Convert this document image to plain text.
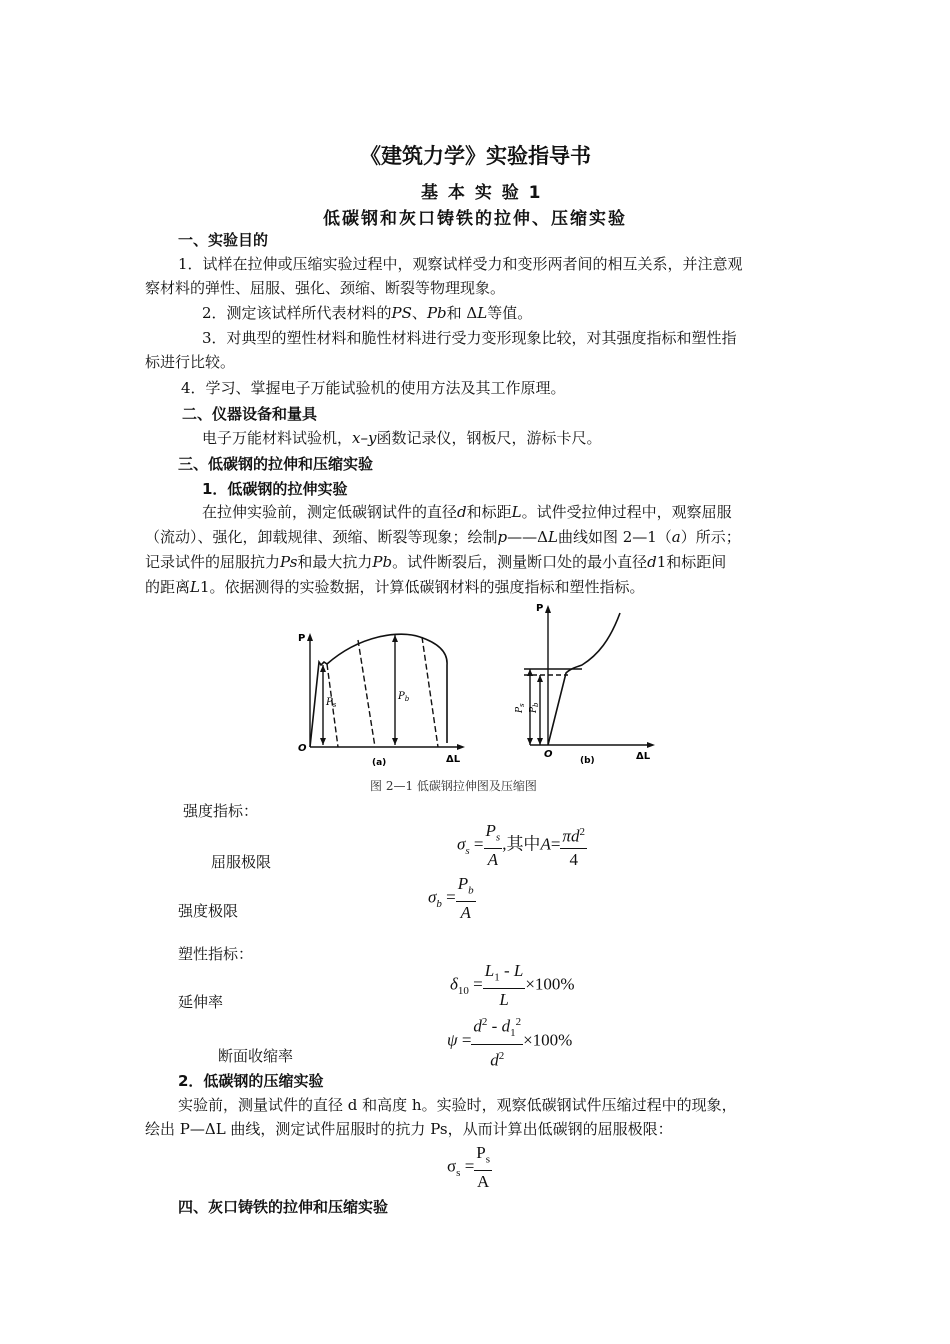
《建筑力学》实验指导书
基 本 实 验 1
低碳钢和灰口铸铁的拉伸、压缩实验
一、实验目的
1．试样在拉伸或压缩实验过程中，观察试样受力和变形两者间的相互关系，并注意观
察材料的弹性、屈服、强化、颈缩、断裂等物理现象。
2．测定该试样所代表材料的PS、Pb和 ΔL等值。
3．对典型的塑性材料和脆性材料进行受力变形现象比较，对其强度指标和塑性指
标进行比较。
4．学习、掌握电子万能试验机的使用方法及其工作原理。
二、仪器设备和量具
电子万能材料试验机，x–y函数记录仪，钢板尺，游标卡尺。
三、低碳钢的拉伸和压缩实验
1．低碳钢的拉伸实验
在拉伸实验前，测定低碳钢试件的直径d和标距L。试件受拉伸过程中，观察屈服
（流动）、强化，卸载规律、颈缩、断裂等现象；绘制p——ΔL曲线如图 2—1（a）所示；
记录试件的屈服抗力Ps和最大抗力Pb。试件断裂后，测量断口处的最小直径d1和标距间
的距离L1。依据测得的实验数据，计算低碳钢材料的强度指标和塑性指标。
P
O
ΔL
$P_s$
$P_b$
(a)
P
O	ΔL
$P_s$
$P_b$
(b)
图 2—1 低碳钢拉伸图及压缩图
强度指标：
$\sigma_s = \frac{P_s}{A}$ ,其中$A= \frac{\pi d^2}{4}$
屈服极限
$\sigma_b = \frac{P_b}{A}$
强度极限
塑性指标：
$\delta_{10} = \frac{L_1 - L}{L} \times 100\%$
延伸率
$\psi = \frac{d^2 - d_1^2}{d^2} \times 100\%$
断面收缩率
2．低碳钢的压缩实验
实验前，测量试件的直径 d 和高度 h。实验时，观察低碳钢试件压缩过程中的现象，
绘出 P—ΔL 曲线，测定试件屈服时的抗力 Ps，从而计算出低碳钢的屈服极限：
$\sigma_s = \frac{P_s}{A}$
四、灰口铸铁的拉伸和压缩实验
